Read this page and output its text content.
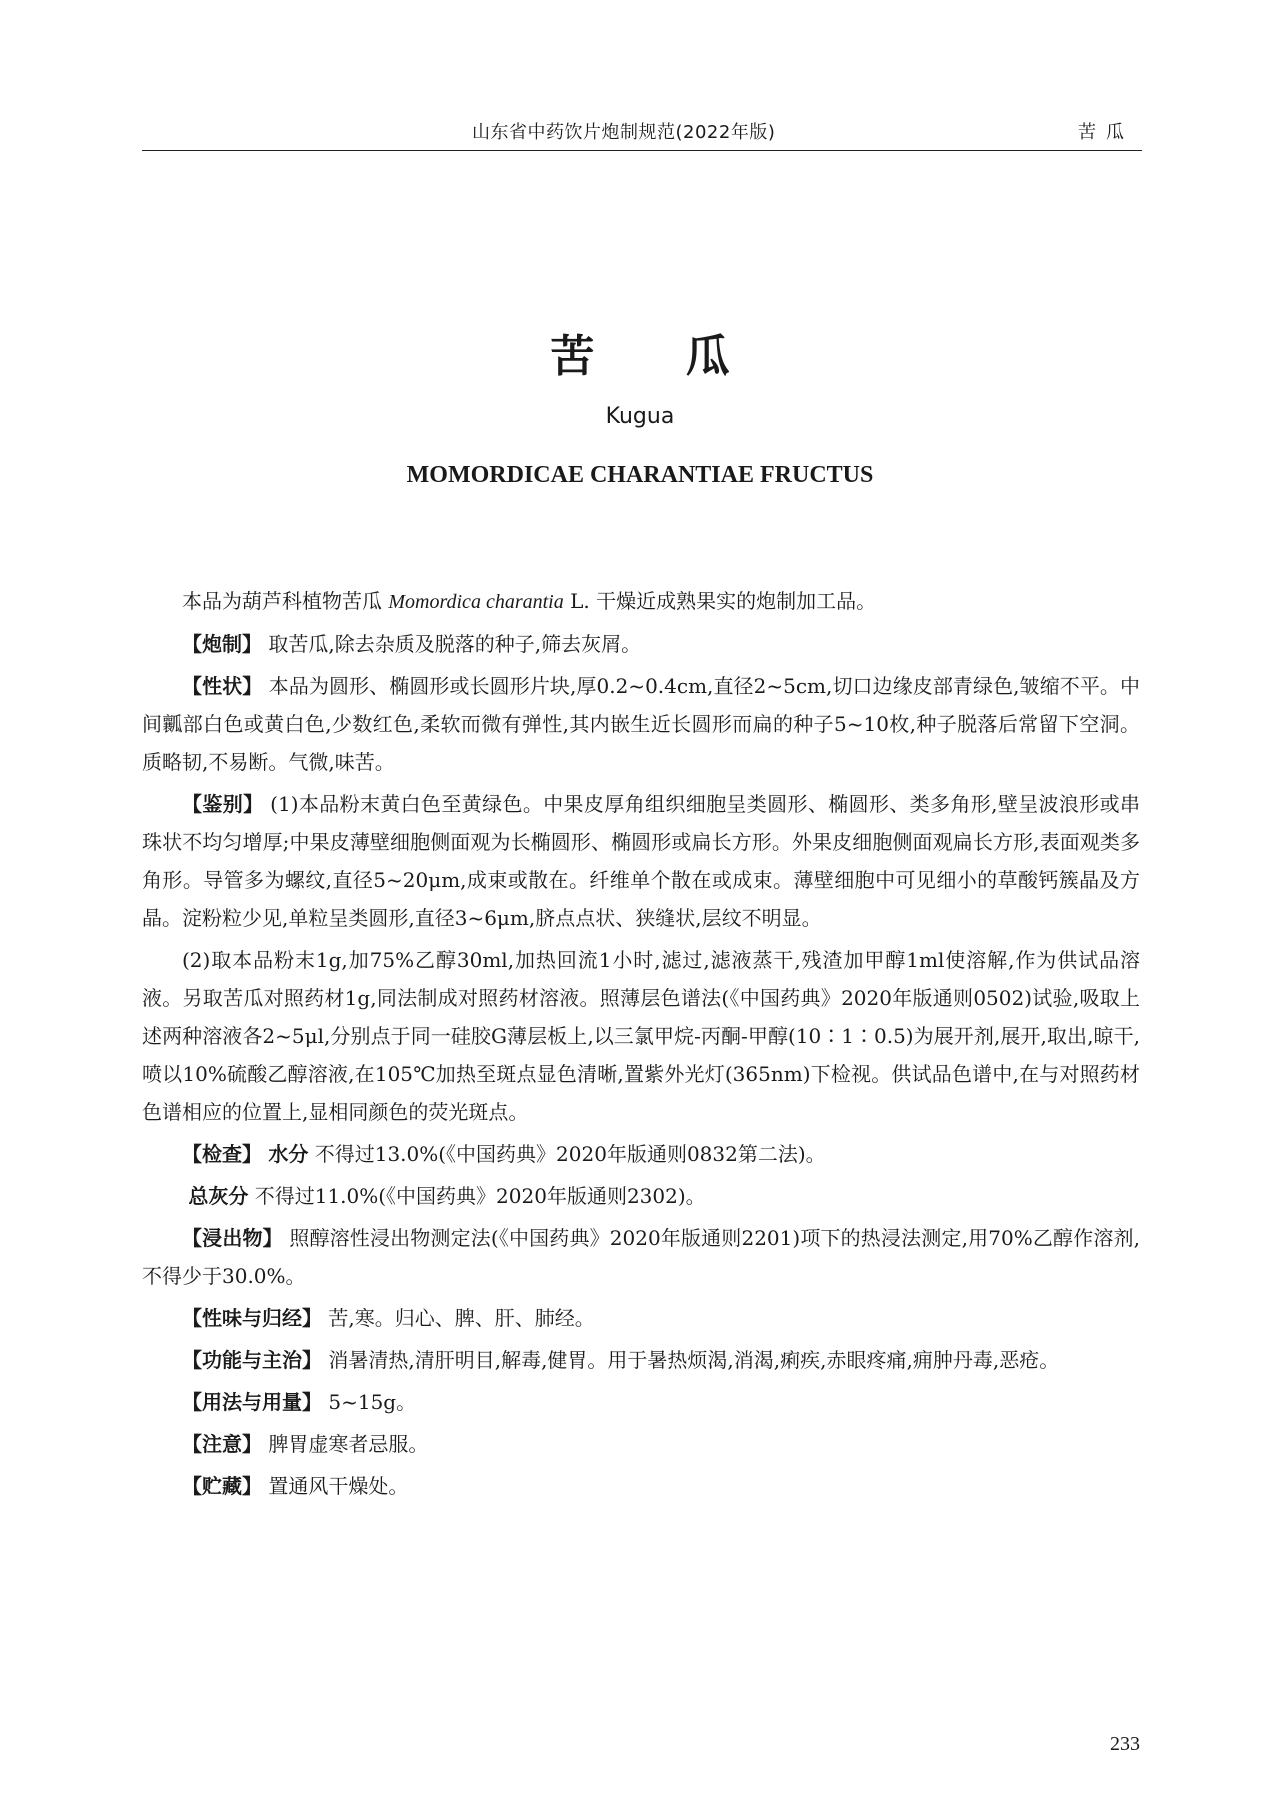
山东省中药饮片炮制规范(2022年版)	苦瓜
苦 瓜
Kugua
MOMORDICAE CHARANTIAE FRUCTUS

本品为葫芦科植物苦瓜 Momordica charantia L. 干燥近成熟果实的炮制加工品。

【炮制】 取苦瓜,除去杂质及脱落的种子,筛去灰屑。

【性状】 本品为圆形、椭圆形或长圆形片块,厚0.2~0.4cm,直径2~5cm,切口边缘皮部青绿色,皱缩不平。中间瓤部白色或黄白色,少数红色,柔软而微有弹性,其内嵌生近长圆形而扁的种子5~10枚,种子脱落后常留下空洞。质略韧,不易断。气微,味苦。

【鉴别】 (1)本品粉末黄白色至黄绿色。中果皮厚角组织细胞呈类圆形、椭圆形、类多角形,壁呈波浪形或串珠状不均匀增厚;中果皮薄壁细胞侧面观为长椭圆形、椭圆形或扁长方形。外果皮细胞侧面观扁长方形,表面观类多角形。导管多为螺纹,直径5~20μm,成束或散在。纤维单个散在或成束。薄壁细胞中可见细小的草酸钙簇晶及方晶。淀粉粒少见,单粒呈类圆形,直径3~6μm,脐点点状、狭缝状,层纹不明显。

(2)取本品粉末1g,加75%乙醇30ml,加热回流1小时,滤过,滤液蒸干,残渣加甲醇1ml使溶解,作为供试品溶液。另取苦瓜对照药材1g,同法制成对照药材溶液。照薄层色谱法(《中国药典》2020年版通则0502)试验,吸取上述两种溶液各2~5μl,分别点于同一硅胶G薄层板上,以三氯甲烷-丙酮-甲醇(10∶1∶0.5)为展开剂,展开,取出,晾干,喷以10%硫酸乙醇溶液,在105℃加热至斑点显色清晰,置紫外光灯(365nm)下检视。供试品色谱中,在与对照药材色谱相应的位置上,显相同颜色的荧光斑点。

【检查】 水分 不得过13.0%(《中国药典》2020年版通则0832第二法)。

总灰分 不得过11.0%(《中国药典》2020年版通则2302)。

【浸出物】 照醇溶性浸出物测定法(《中国药典》2020年版通则2201)项下的热浸法测定,用70%乙醇作溶剂,不得少于30.0%。

【性味与归经】 苦,寒。归心、脾、肝、肺经。

【功能与主治】 消暑清热,清肝明目,解毒,健胃。用于暑热烦渴,消渴,痢疾,赤眼疼痛,痈肿丹毒,恶疮。

【用法与用量】 5~15g。

【注意】 脾胃虚寒者忌服。

【贮藏】 置通风干燥处。

233
